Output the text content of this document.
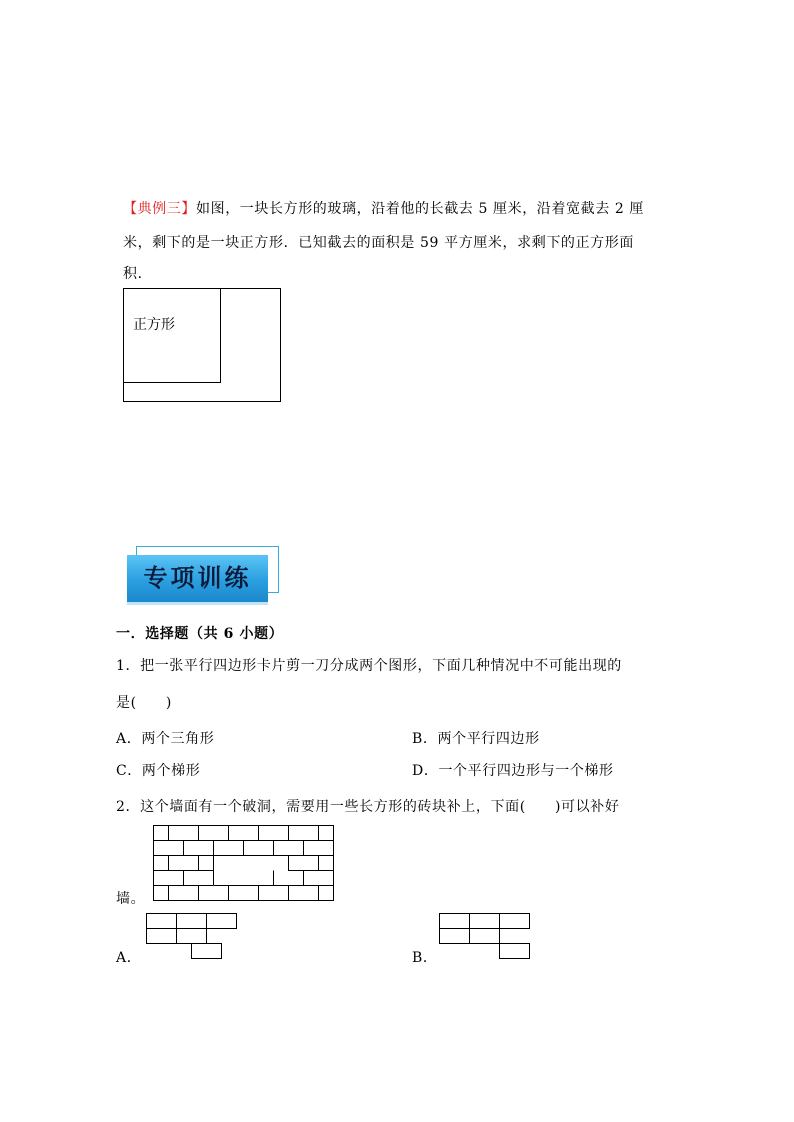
【典例三】如图，一块长方形的玻璃，沿着他的长截去 5 厘米，沿着宽截去 2 厘
米，剩下的是一块正方形．已知截去的面积是 59 平方厘米，求剩下的正方形面
积．
正方形
专项训练
一．选择题（共 6 小题）
1．把一张平行四边形卡片剪一刀分成两个图形，下面几种情况中不可能出现的
是(　　)
A．两个三角形	B．两个平行四边形
C．两个梯形	D．一个平行四边形与一个梯形
2．这个墙面有一个破洞，需要用一些长方形的砖块补上，下面(　　)可以补好
墙。
A．	B．
